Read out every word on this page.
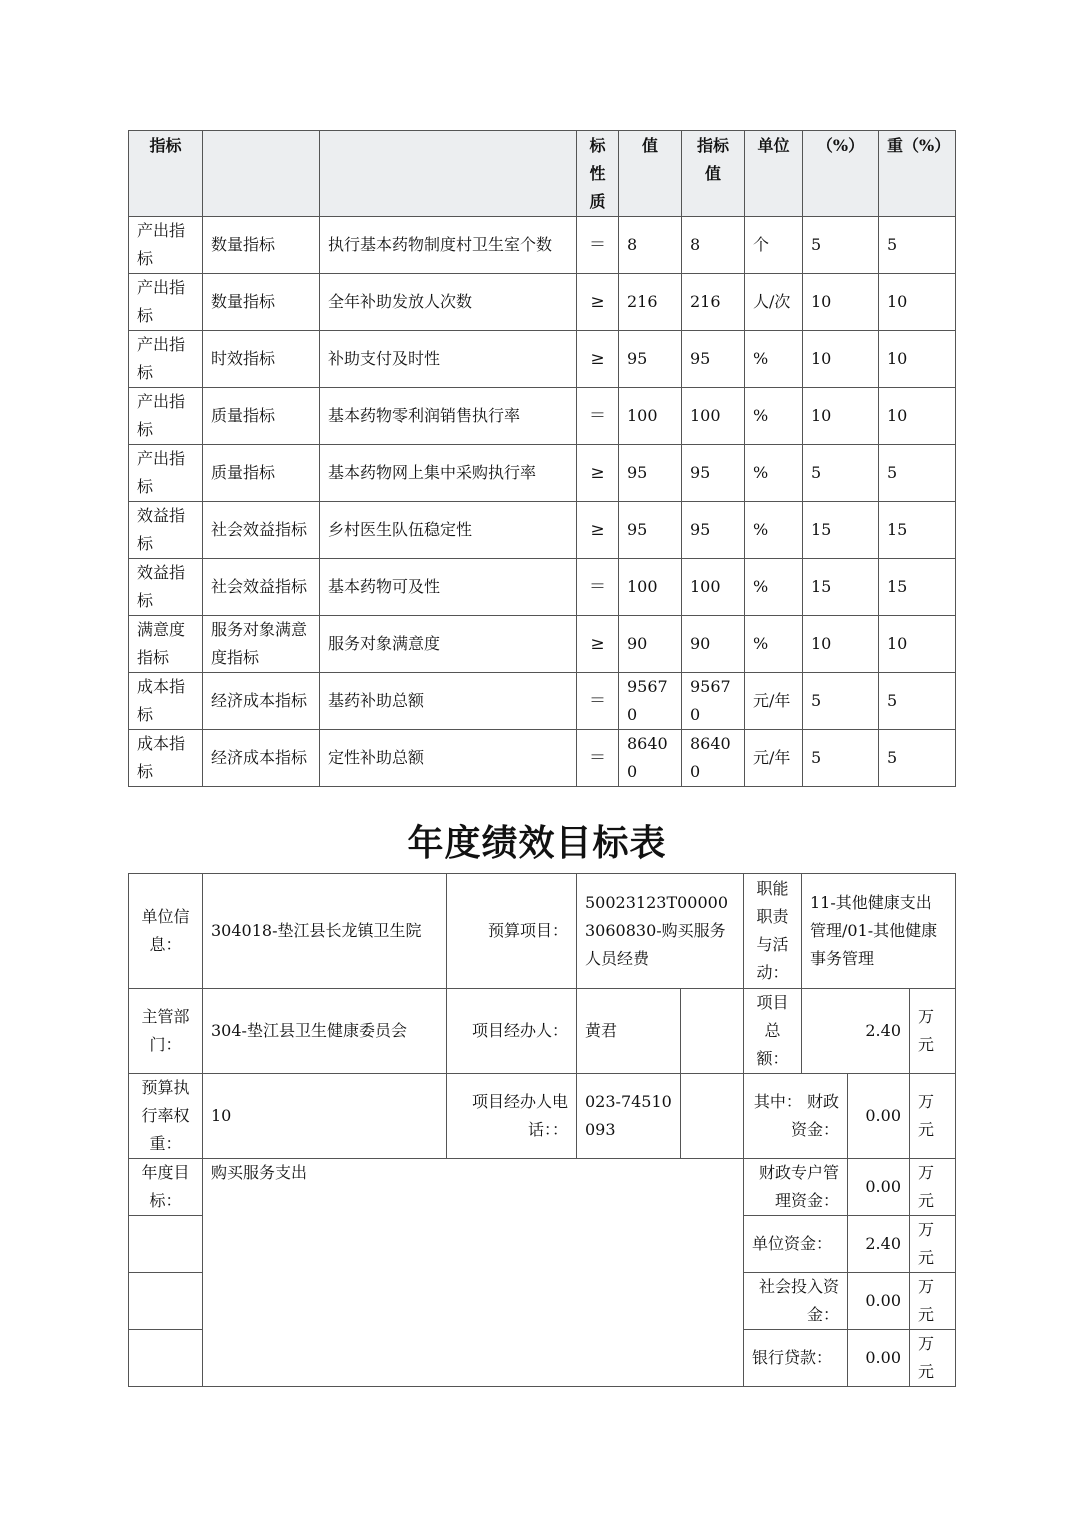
指标			标性质	值	指标值	单位	（%）	重（%）
产出指标	数量指标	执行基本药物制度村卫生室个数	＝	8	8	个	5	5
产出指标	数量指标	全年补助发放人次数	≥	216	216	人/次	10	10
产出指标	时效指标	补助支付及时性	≥	95	95	%	10	10
产出指标	质量指标	基本药物零利润销售执行率	＝	100	100	%	10	10
产出指标	质量指标	基本药物网上集中采购执行率	≥	95	95	%	5	5
效益指标	社会效益指标	乡村医生队伍稳定性	≥	95	95	%	15	15
效益指标	社会效益指标	基本药物可及性	＝	100	100	%	15	15
满意度指标	服务对象满意度指标	服务对象满意度	≥	90	90	%	10	10
成本指标	经济成本指标	基药补助总额	＝	95670	95670	元/年	5	5
成本指标	经济成本指标	定性补助总额	＝	86400	86400	元/年	5	5
年度绩效目标表
单位信息：	304018-垫江县长龙镇卫生院	预算项目：	50023123T000003060830-购买服务人员经费		职能职责与活动：	11-其他健康支出管理/01-其他健康事务管理		
主管部门：	304-垫江县卫生健康委员会	项目经办人：	黄君		项目总额：	2.40		万元
预算执行率权重：	10	项目经办人电话：：	023-74510093		其中： 财政资金：		0.00	万元
年度目标：	购买服务支出				财政专户管理资金：		0.00	万元
					单位资金：		2.40	万元
					社会投入资金：		0.00	万元
					银行贷款：		0.00	万元
